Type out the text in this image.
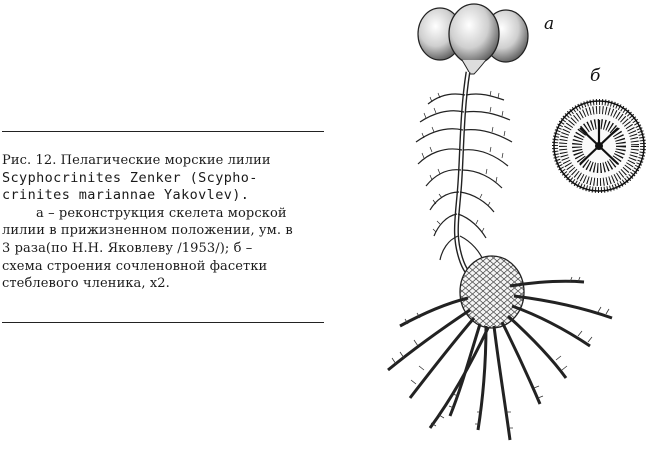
Рис. 12. Пелагические морские лилии
Scyphocrinites Zenker (Scypho-
crinites mariannae Yakovlev).
а – реконструкция скелета морской
лилии в прижизненном положении, ум. в
3 раза(по Н.Н. Яковлеву /1953/); б –
схема строения сочленовной фасетки
стеблевого членика, х2.
а
б
